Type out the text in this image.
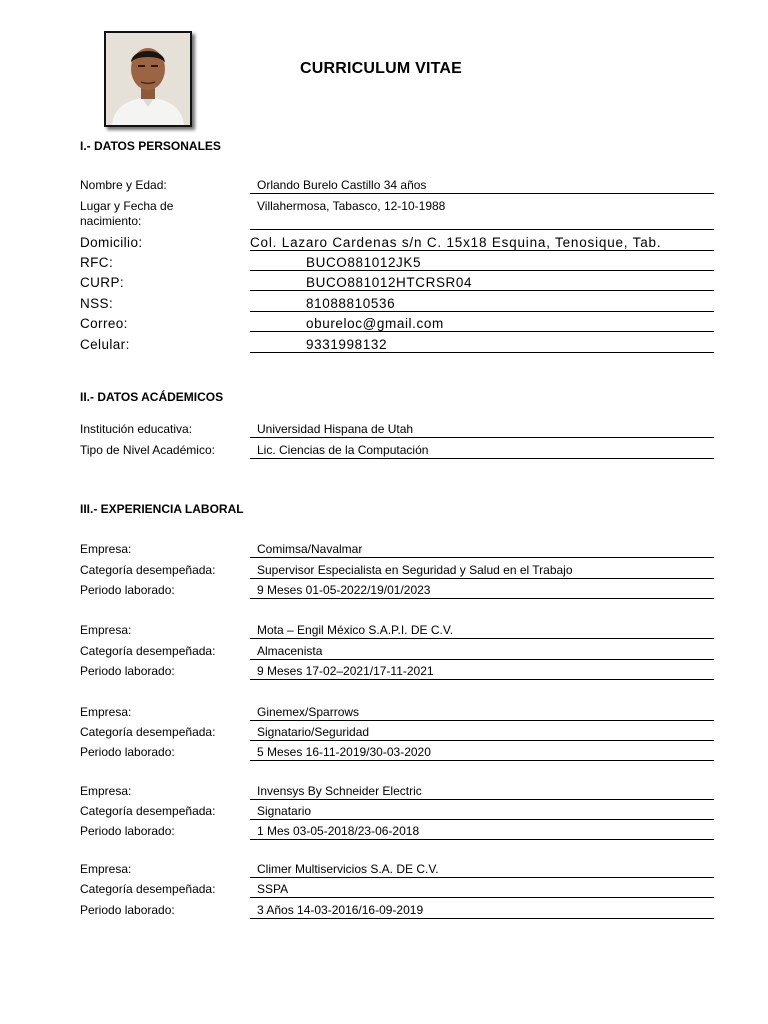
CURRICULUM VITAE
I.- DATOS PERSONALES
Nombre y Edad:	Orlando Burelo Castillo 34 años
Lugar y Fecha de nacimiento:
Villahermosa, Tabasco, 12-10-1988
Domicilio:	Col. Lazaro Cardenas s/n C. 15x18 Esquina, Tenosique, Tab.
RFC:	BUCO881012JK5
CURP:	BUCO881012HTCRSR04
NSS:	81088810536
Correo:	obureloc@gmail.com
Celular:	9331998132
II.- DATOS ACÁDEMICOS
Institución educativa:	Universidad Hispana de Utah
Tipo de Nivel Académico:	Lic. Ciencias de la Computación
III.- EXPERIENCIA LABORAL
Empresa:	Comimsa/Navalmar
Categoría desempeñada:	Supervisor Especialista en Seguridad y Salud en el Trabajo
Periodo laborado:	9 Meses 01-05-2022/19/01/2023
Empresa:	Mota – Engil México S.A.P.I. DE C.V.
Categoría desempeñada:	Almacenista
Periodo laborado:	9 Meses 17-02–2021/17-11-2021
Empresa:	Ginemex/Sparrows
Categoría desempeñada:	Signatario/Seguridad
Periodo laborado:	5 Meses 16-11-2019/30-03-2020
Empresa:	Invensys By Schneider Electric
Categoría desempeñada:	Signatario
Periodo laborado:	1 Mes 03-05-2018/23-06-2018
Empresa:	Climer Multiservicios S.A. DE C.V.
Categoría desempeñada:	SSPA
Periodo laborado:	3 Años 14-03-2016/16-09-2019
